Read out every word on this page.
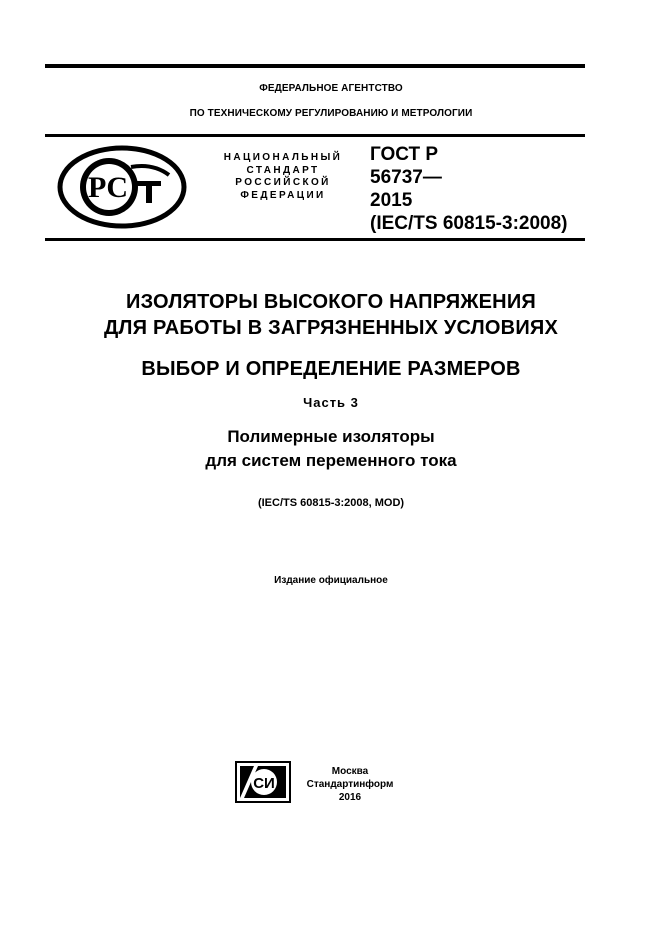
ФЕДЕРАЛЬНОЕ АГЕНТСТВО
ПО ТЕХНИЧЕСКОМУ РЕГУЛИРОВАНИЮ И МЕТРОЛОГИИ
PС
НАЦИОНАЛЬНЫЙ
СТАНДАРТ
РОССИЙСКОЙ
ФЕДЕРАЦИИ
ГОСТ Р
56737—
2015
(IEC/TS 60815-3:2008)
ИЗОЛЯТОРЫ ВЫСОКОГО НАПРЯЖЕНИЯ
ДЛЯ РАБОТЫ В ЗАГРЯЗНЕННЫХ УСЛОВИЯХ
ВЫБОР И ОПРЕДЕЛЕНИЕ РАЗМЕРОВ
Часть 3
Полимерные изоляторы
для систем переменного тока
(IEC/TS 60815-3:2008, MOD)
Издание официальное
СИ
Москва
Стандартинформ
2016
